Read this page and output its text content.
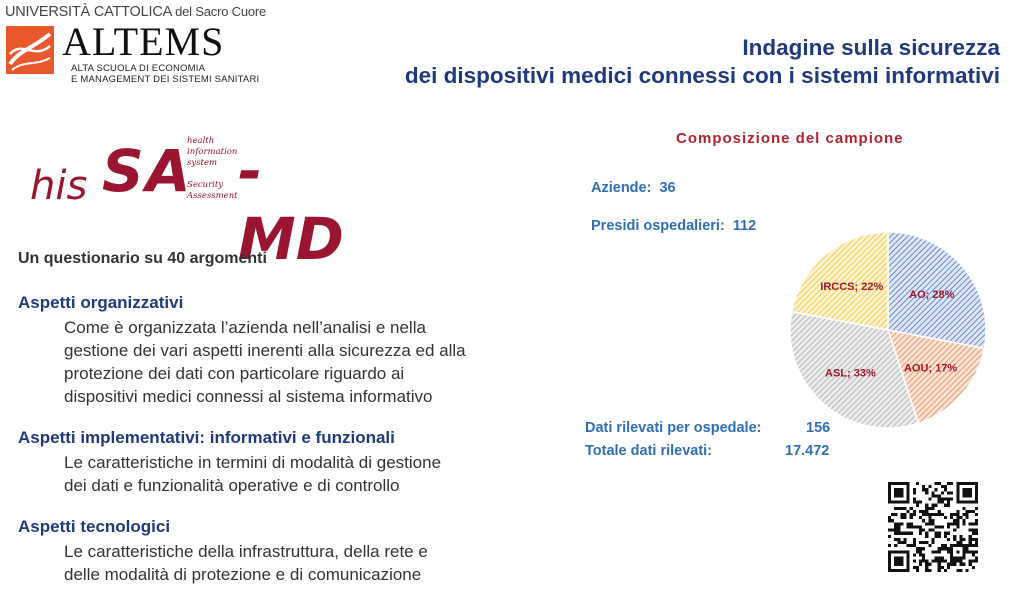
UNIVERSITÀ CATTOLICA del Sacro Cuore
ALTEMS
ALTA SCUOLA DI ECONOMIA
E MANAGEMENT DEI SISTEMI SANITARI
Indagine sulla sicurezza
dei dispositivi medici connessi con i sistemi informativi
his SA
health
information
system
Security
Assessment -MD
Un questionario su 40 argomenti
Aspetti organizzativi
Come è organizzata l’azienda nell’analisi e nella
gestione dei vari aspetti inerenti alla sicurezza ed alla
protezione dei dati con particolare riguardo ai
dispositivi medici connessi al sistema informativo
Aspetti implementativi: informativi e funzionali
Le caratteristiche in termini di modalità di gestione
dei dati e funzionalità operative e di controllo
Aspetti tecnologici
Le caratteristiche della infrastruttura, della rete e
delle modalità di protezione e di comunicazione
Composizione del campione
Aziende: 36
Presidi ospedalieri: 112
AO; 28%
AOU; 17%
ASL; 33%
IRCCS; 22%
Dati rilevati per ospedale:	156
Totale dati rilevati:	17.472
